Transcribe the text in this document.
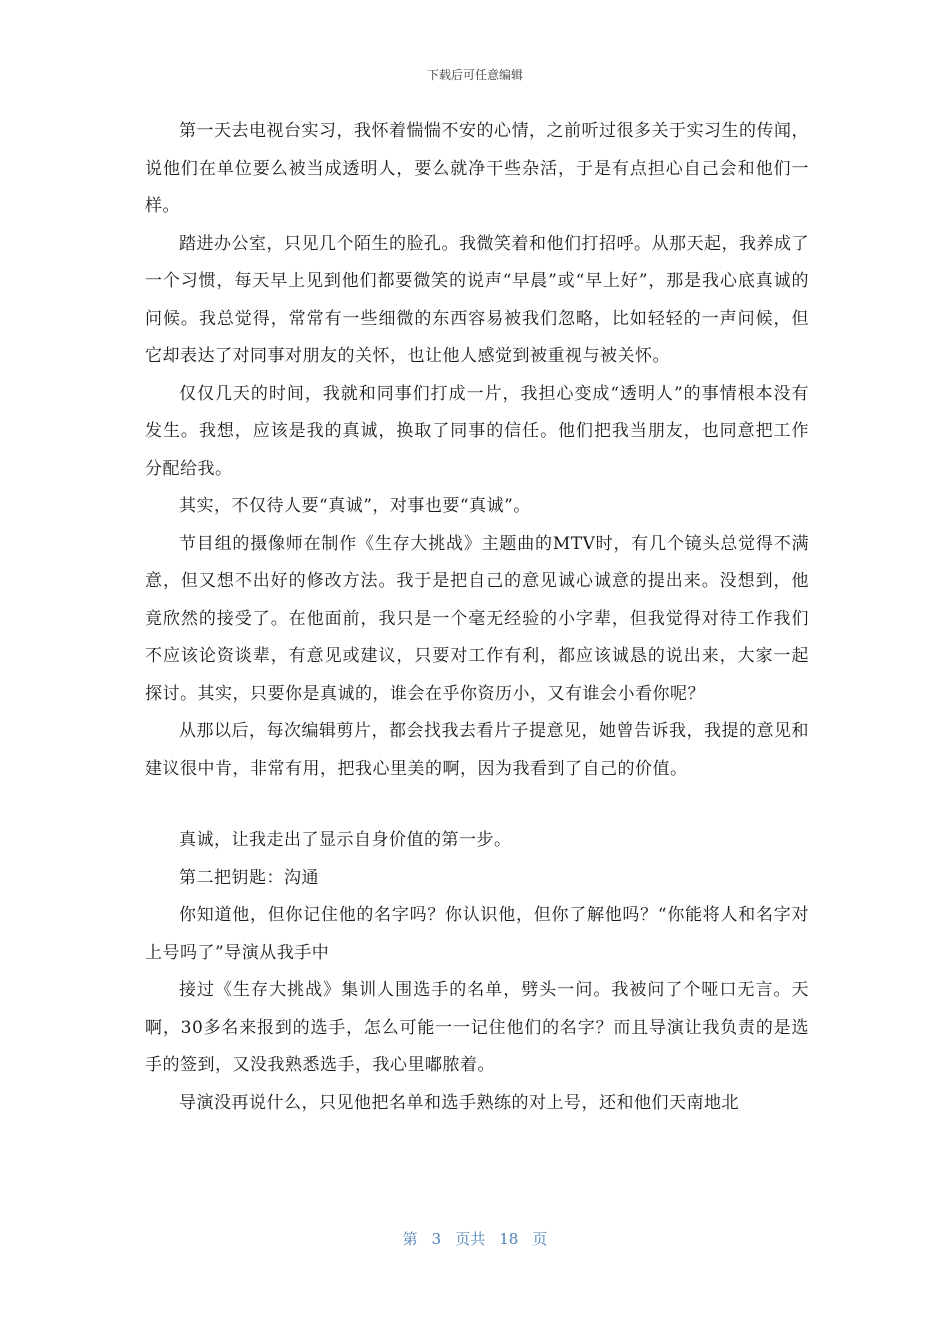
下载后可任意编辑

第一天去电视台实习，我怀着惴惴不安的心情，之前听过很多关于实习生的传闻，说他们在单位要么被当成透明人，要么就净干些杂活，于是有点担心自己会和他们一样。

踏进办公室，只见几个陌生的脸孔。我微笑着和他们打招呼。从那天起，我养成了一个习惯，每天早上见到他们都要微笑的说声“早晨”或“早上好”，那是我心底真诚的问候。我总觉得，常常有一些细微的东西容易被我们忽略，比如轻轻的一声问候，但它却表达了对同事对朋友的关怀，也让他人感觉到被重视与被关怀。

仅仅几天的时间，我就和同事们打成一片，我担心变成“透明人”的事情根本没有发生。我想，应该是我的真诚，换取了同事的信任。他们把我当朋友，也同意把工作分配给我。

其实，不仅待人要“真诚”，对事也要“真诚”。

节目组的摄像师在制作《生存大挑战》主题曲的MTV时，有几个镜头总觉得不满意，但又想不出好的修改方法。我于是把自己的意见诚心诚意的提出来。没想到，他竟欣然的接受了。在他面前，我只是一个毫无经验的小字辈，但我觉得对待工作我们不应该论资谈辈，有意见或建议，只要对工作有利，都应该诚恳的说出来，大家一起探讨。其实，只要你是真诚的，谁会在乎你资历小，又有谁会小看你呢？

从那以后，每次编辑剪片，都会找我去看片子提意见，她曾告诉我，我提的意见和建议很中肯，非常有用，把我心里美的啊，因为我看到了自己的价值。

真诚，让我走出了显示自身价值的第一步。

第二把钥匙：沟通

你知道他，但你记住他的名字吗？你认识他，但你了解他吗？“你能将人和名字对上号吗了”导演从我手中

接过《生存大挑战》集训人围选手的名单，劈头一问。我被问了个哑口无言。天啊，30多名来报到的选手，怎么可能一一记住他们的名字？而且导演让我负责的是选手的签到，又没我熟悉选手，我心里嘟脓着。

导演没再说什么，只见他把名单和选手熟练的对上号，还和他们天南地北

第 3 页共 18 页
